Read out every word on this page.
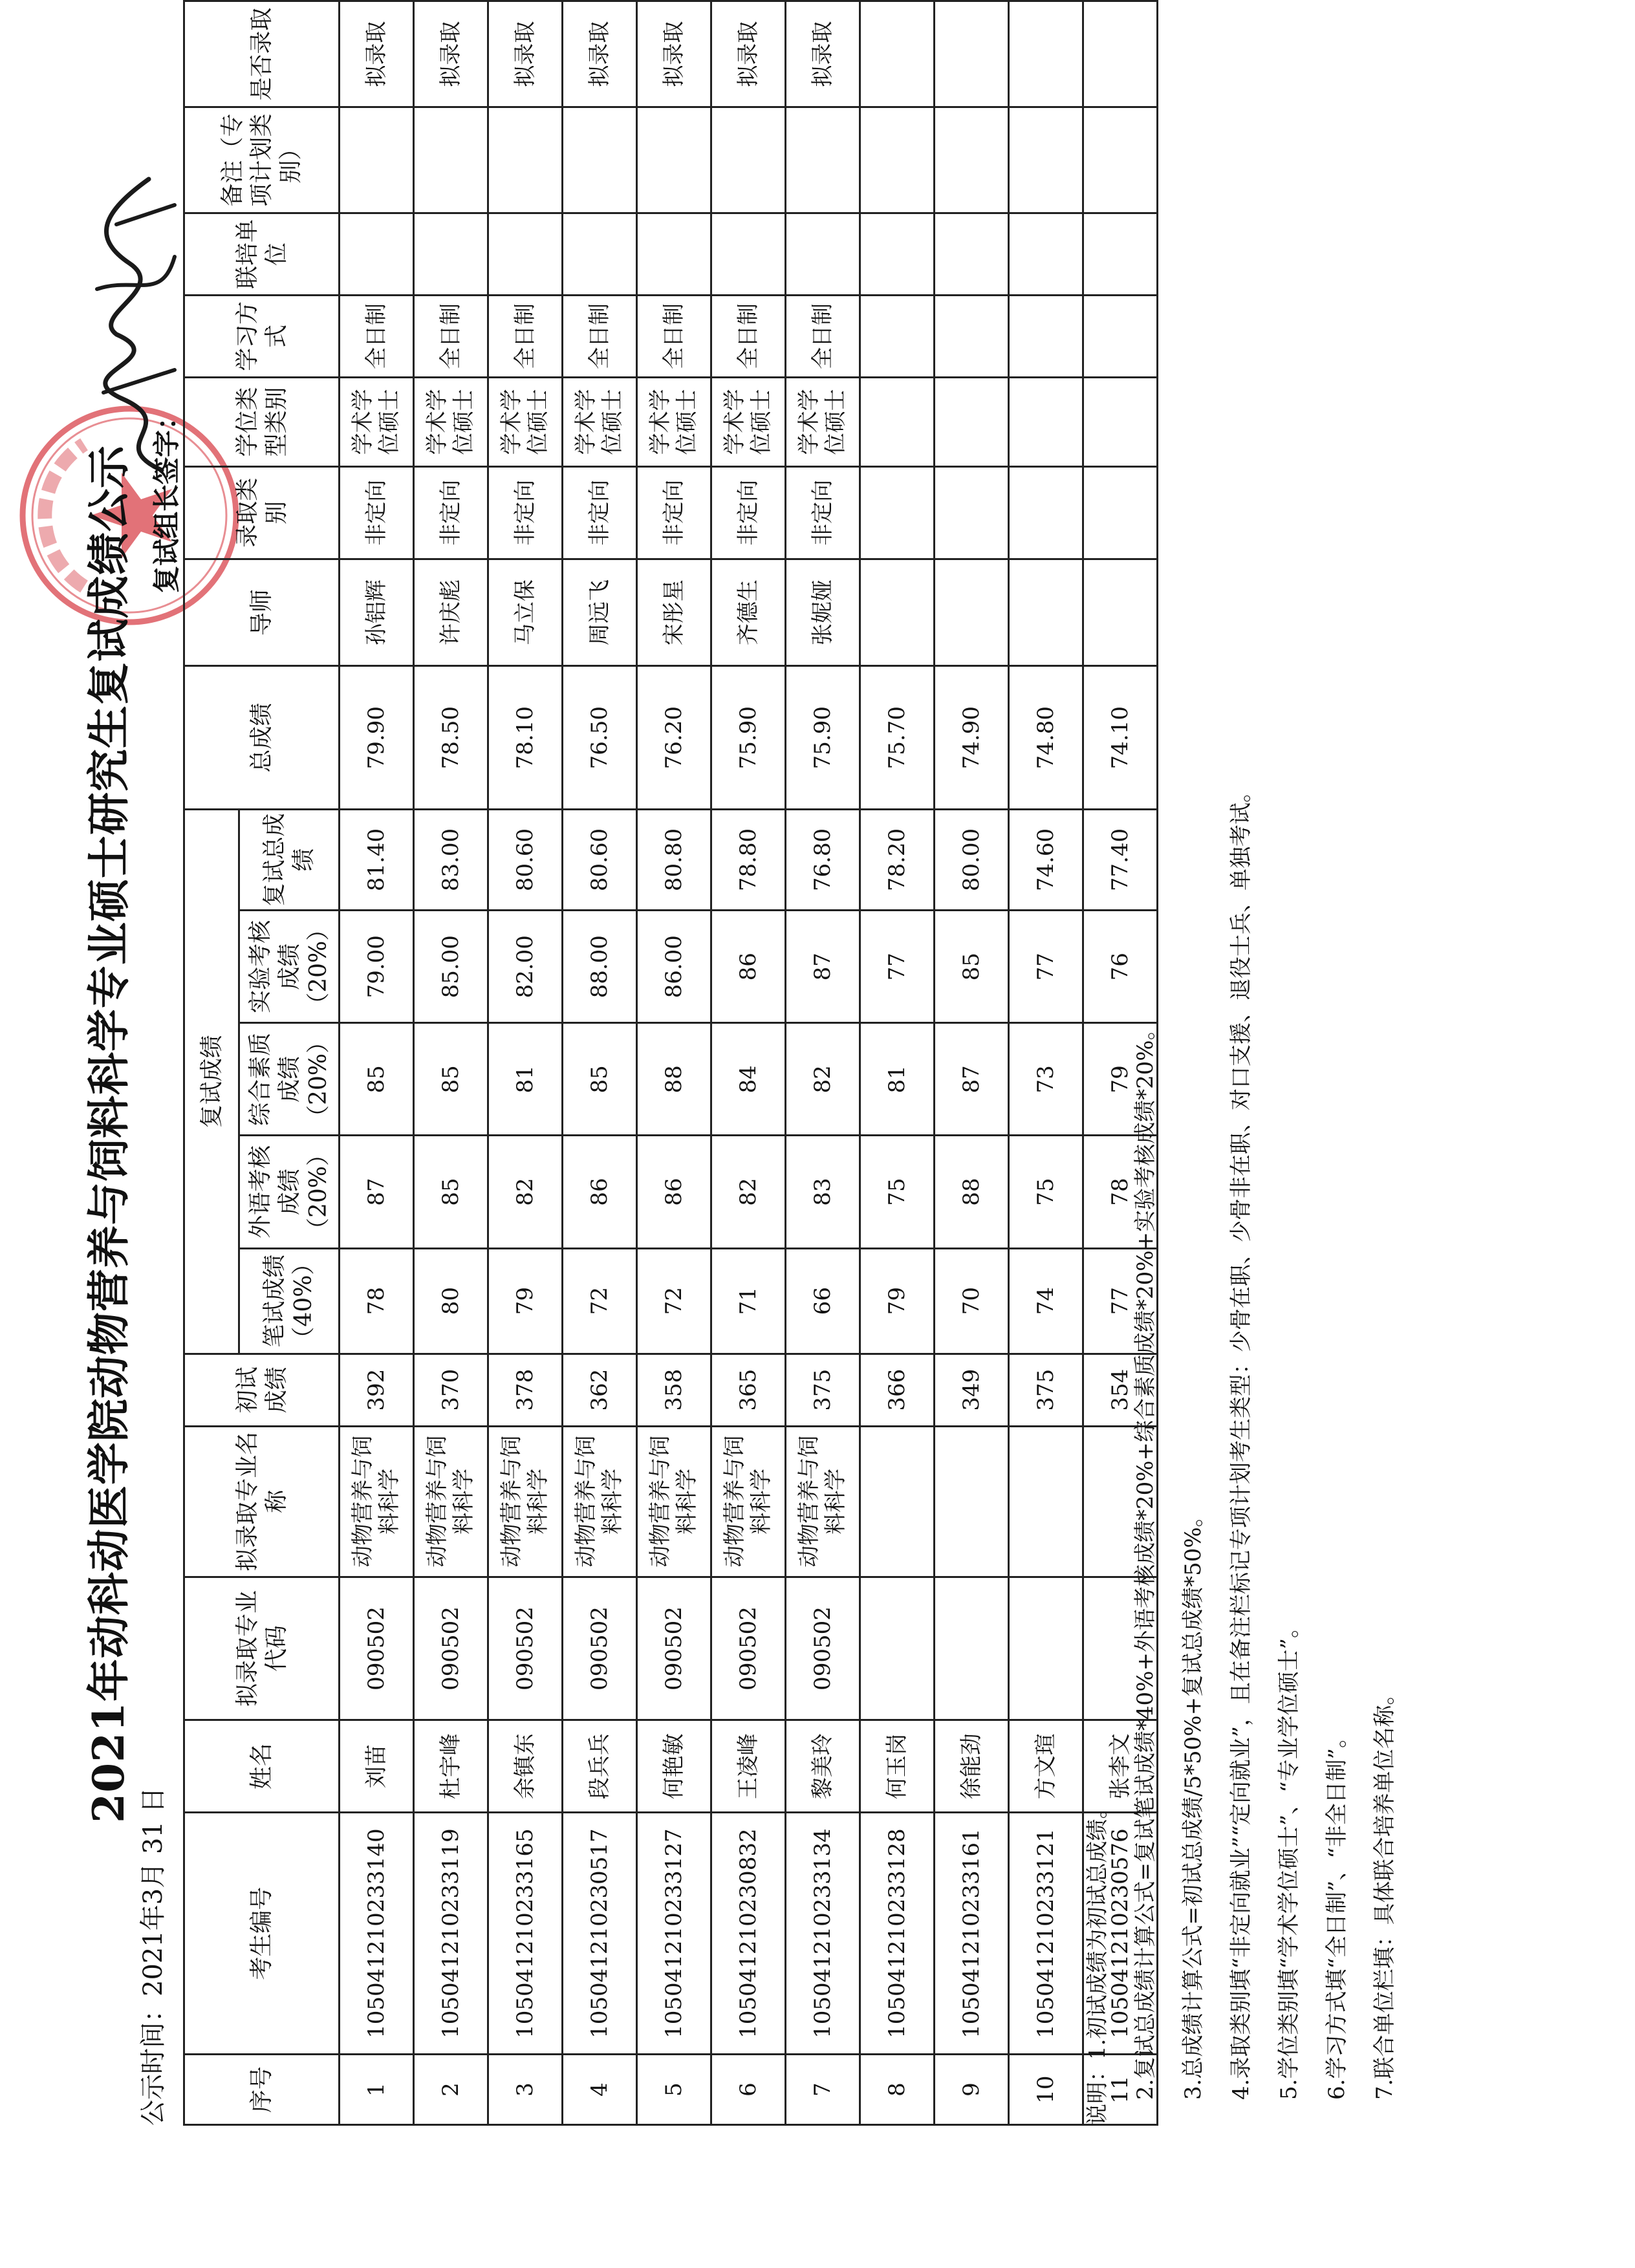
2021年动科动医学院动物营养与饲料科学专业硕士研究生复试成绩公示
公示时间：2021年3月 31 日
复试组长签字：
序号	考生编号	姓名	拟录取专业代码	拟录取专业名称	初试成绩	复试成绩					总成绩	导师	录取类别	学位类型类别	学习方式	联培单位	备注（专项计划类别）	是否录取
						笔试成绩（40%）	外语考核成绩（20%）	综合素质成绩（20%）	实验考核成绩（20%）	复试总成绩								
1	105041210233140	刘苗	090502	动物营养与饲料科学	392	78	87	85	79.00	81.40	79.90	孙铝辉	非定向	学术学位硕士	全日制			拟录取
2	105041210233119	杜宇峰	090502	动物营养与饲料科学	370	80	85	85	85.00	83.00	78.50	许庆彪	非定向	学术学位硕士	全日制			拟录取
3	105041210233165	余镇东	090502	动物营养与饲料科学	378	79	82	81	82.00	80.60	78.10	马立保	非定向	学术学位硕士	全日制			拟录取
4	105041210230517	段兵兵	090502	动物营养与饲料科学	362	72	86	85	88.00	80.60	76.50	周远飞	非定向	学术学位硕士	全日制			拟录取
5	105041210233127	何艳敏	090502	动物营养与饲料科学	358	72	86	88	86.00	80.80	76.20	宋彤星	非定向	学术学位硕士	全日制			拟录取
6	105041210230832	王凌峰	090502	动物营养与饲料科学	365	71	82	84	86	78.80	75.90	齐德生	非定向	学术学位硕士	全日制			拟录取
7	105041210233134	黎美玲	090502	动物营养与饲料科学	375	66	83	82	87	76.80	75.90	张妮娅	非定向	学术学位硕士	全日制			拟录取
8	105041210233128	何玉岗			366	79	75	81	77	78.20	75.70							
9	105041210233161	徐能劲			349	70	88	87	85	80.00	74.90							
10	105041210233121	方文瑄			375	74	75	73	77	74.60	74.80							
11	105041210230576	张李文			354	77	78	79	76	77.40	74.10							
说明：1.初试成绩为初试总成绩。	2.复试总成绩计算公式=复试笔试成绩*40%+外语考核成绩*20%+综合素质成绩*20%+实验考核成绩*20%。	3.总成绩计算公式=初试总成绩/5*50%+复试总成绩*50%。	4.录取类别填“非定向就业”“定向就业”，且在备注栏标记专项计划考生类型：少骨在职、少骨非在职、对口支援、退役士兵、单独考试。	5.学位类别填“学术学位硕士”、“专业学位硕士”。	6.学习方式填“全日制”、“非全日制”。	7.联合单位栏填：具体联合培养单位名称。
